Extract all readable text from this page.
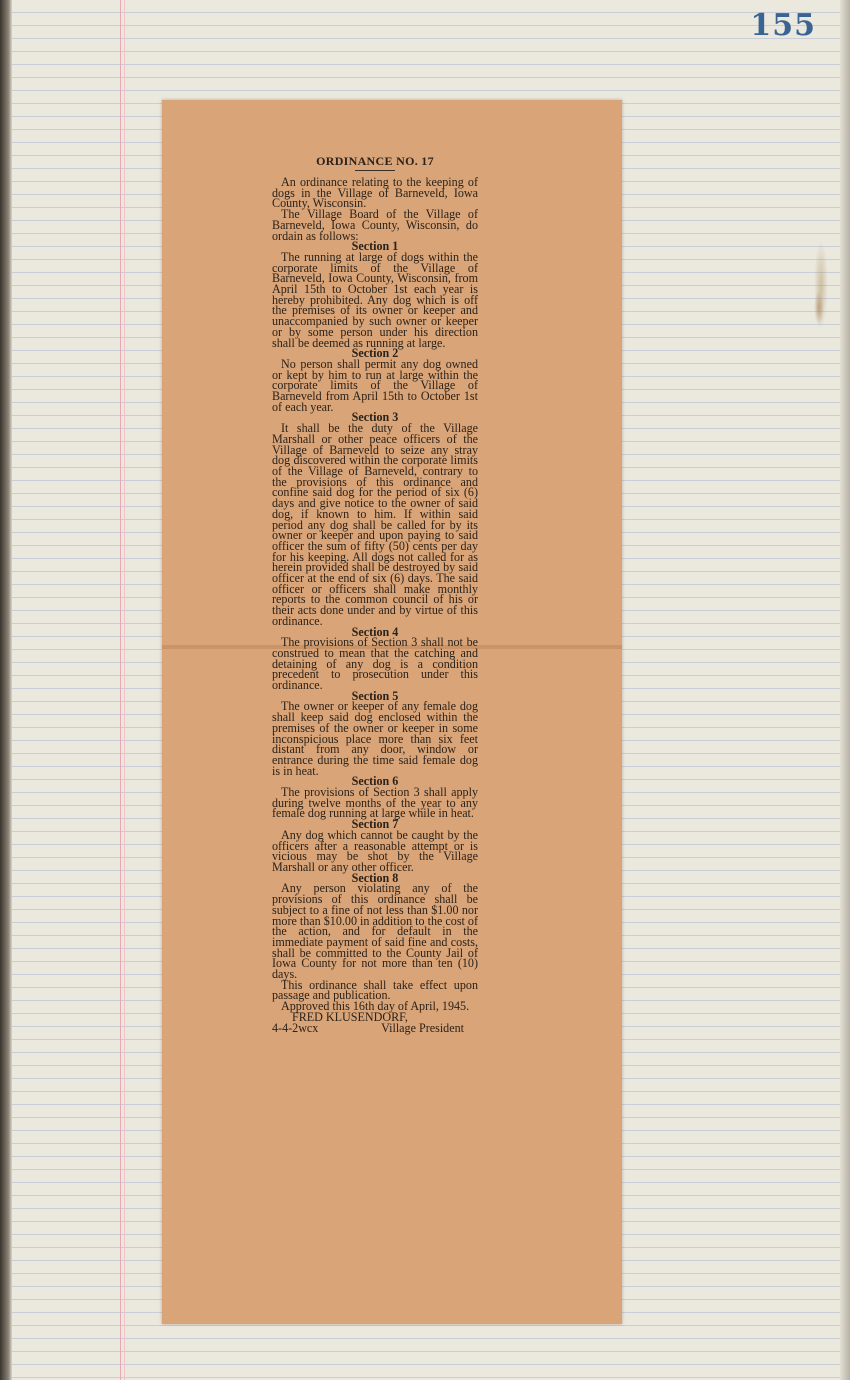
155
ORDINANCE NO. 17

An ordinance relating to the keeping of dogs in the Village of Barneveld, Iowa County, Wisconsin.

The Village Board of the Village of Barneveld, Iowa County, Wisconsin, do ordain as follows:

Section 1

The running at large of dogs within the corporate limits of the Village of Barneveld, Iowa County, Wisconsin, from April 15th to October 1st each year is hereby prohibited. Any dog which is off the premises of its owner or keeper and unaccompanied by such owner or keeper or by some person under his direction shall be deemed as running at large.

Section 2

No person shall permit any dog owned or kept by him to run at large within the corporate limits of the Village of Barneveld from April 15th to October 1st of each year.

Section 3

It shall be the duty of the Village Marshall or other peace officers of the Village of Barneveld to seize any stray dog discovered within the corporate limits of the Village of Barneveld, contrary to the provisions of this ordinance and confine said dog for the period of six (6) days and give notice to the owner of said dog, if known to him. If within said period any dog shall be called for by its owner or keeper and upon paying to said officer the sum of fifty (50) cents per day for his keeping. All dogs not called for as herein provided shall be destroyed by said officer at the end of six (6) days. The said officer or officers shall make monthly reports to the common council of his or their acts done under and by virtue of this ordinance.

Section 4

The provisions of Section 3 shall not be construed to mean that the catching and detaining of any dog is a condition precedent to prosecution under this ordinance.

Section 5

The owner or keeper of any female dog shall keep said dog enclosed within the premises of the owner or keeper in some inconspicious place more than six feet distant from any door, window or entrance during the time said female dog is in heat.

Section 6

The provisions of Section 3 shall apply during twelve months of the year to any female dog running at large while in heat.

Section 7

Any dog which cannot be caught by the officers after a reasonable attempt or is vicious may be shot by the Village Marshall or any other officer.

Section 8

Any person violating any of the provisions of this ordinance shall be subject to a fine of not less than $1.00 nor more than $10.00 in addition to the cost of the action, and for default in the immediate payment of said fine and costs, shall be committed to the County Jail of Iowa County for not more than ten (10) days.

This ordinance shall take effect upon passage and publication.

Approved this 16th day of April, 1945.

FRED KLUSENDORF,

4-4-2wcx	Village President
